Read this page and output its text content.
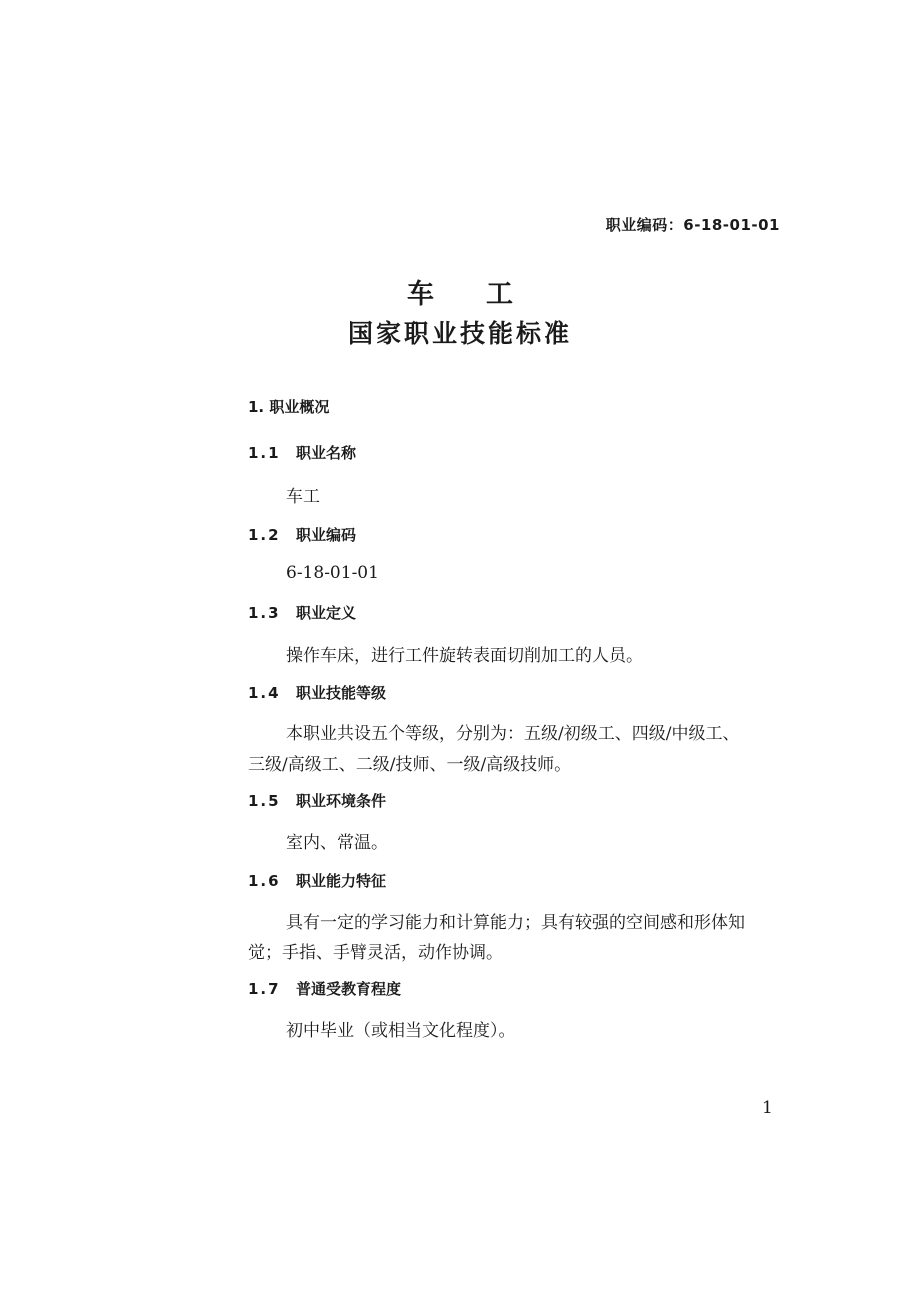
职业编码：6-18-01-01
车工
国家职业技能标准
1. 职业概况
1.1 职业名称
车工
1.2 职业编码
6-18-01-01
1.3 职业定义
操作车床，进行工件旋转表面切削加工的人员。
1.4 职业技能等级
本职业共设五个等级，分别为：五级/初级工、四级/中级工、
三级/高级工、二级/技师、一级/高级技师。
1.5 职业环境条件
室内、常温。
1.6 职业能力特征
具有一定的学习能力和计算能力；具有较强的空间感和形体知
觉；手指、手臂灵活，动作协调。
1.7 普通受教育程度
初中毕业（或相当文化程度）。
1
